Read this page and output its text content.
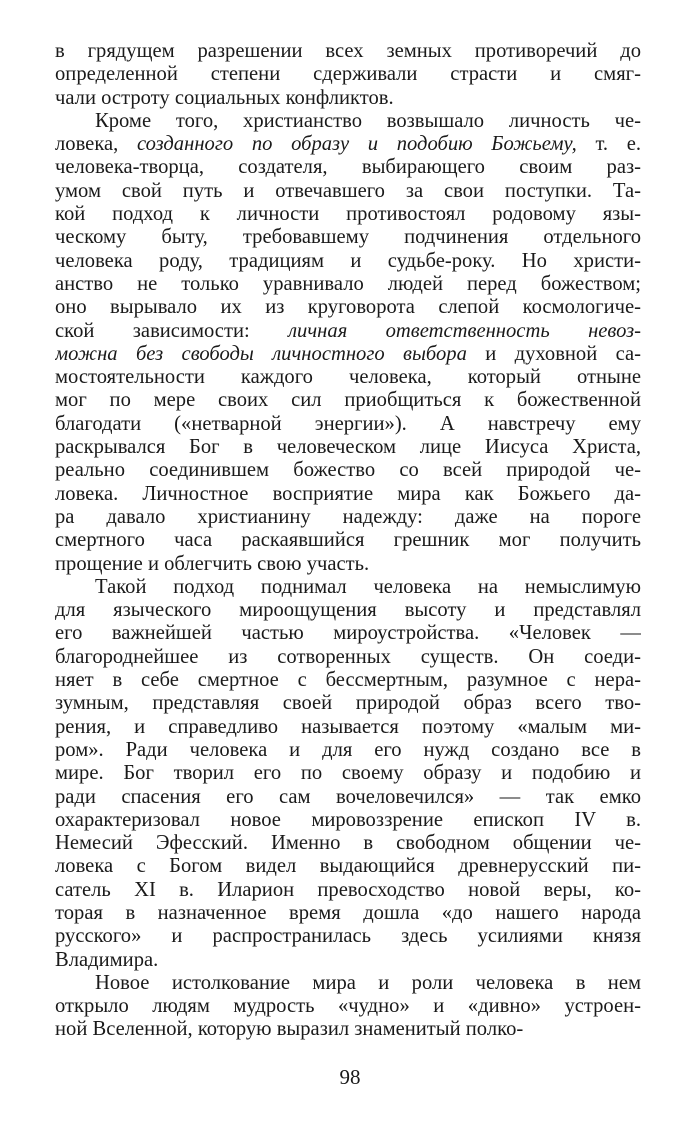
в грядущем разрешении всех земных противоречий до
определенной степени сдерживали страсти и смяг-
чали остроту социальных конфликтов.
Кроме того, христианство возвышало личность че-
ловека, созданного по образу и подобию Божьему, т. е.
человека-творца, создателя, выбирающего своим раз-
умом свой путь и отвечавшего за свои поступки. Та-
кой подход к личности противостоял родовому язы-
ческому быту, требовавшему подчинения отдельного
человека роду, традициям и судьбе-року. Но христи-
анство не только уравнивало людей перед божеством;
оно вырывало их из круговорота слепой космологиче-
ской зависимости: личная ответственность невоз-
можна без свободы личностного выбора и духовной са-
мостоятельности каждого человека, который отныне
мог по мере своих сил приобщиться к божественной
благодати («нетварной энергии»). А навстречу ему
раскрывался Бог в человеческом лице Иисуса Христа,
реально соединившем божество со всей природой че-
ловека. Личностное восприятие мира как Божьего да-
ра давало христианину надежду: даже на пороге
смертного часа раскаявшийся грешник мог получить
прощение и облегчить свою участь.
Такой подход поднимал человека на немыслимую
для языческого мироощущения высоту и представлял
его важнейшей частью мироустройства. «Человек —
благороднейшее из сотворенных существ. Он соеди-
няет в себе смертное с бессмертным, разумное с нера-
зумным, представляя своей природой образ всего тво-
рения, и справедливо называется поэтому «малым ми-
ром». Ради человека и для его нужд создано все в
мире. Бог творил его по своему образу и подобию и
ради спасения его сам вочеловечился» — так емко
охарактеризовал новое мировоззрение епископ IV в.
Немесий Эфесский. Именно в свободном общении че-
ловека с Богом видел выдающийся древнерусский пи-
сатель XI в. Иларион превосходство новой веры, ко-
торая в назначенное время дошла «до нашего народа
русского» и распространилась здесь усилиями князя
Владимира.
Новое истолкование мира и роли человека в нем
открыло людям мудрость «чудно» и «дивно» устроен-
ной Вселенной, которую выразил знаменитый полко-
98
